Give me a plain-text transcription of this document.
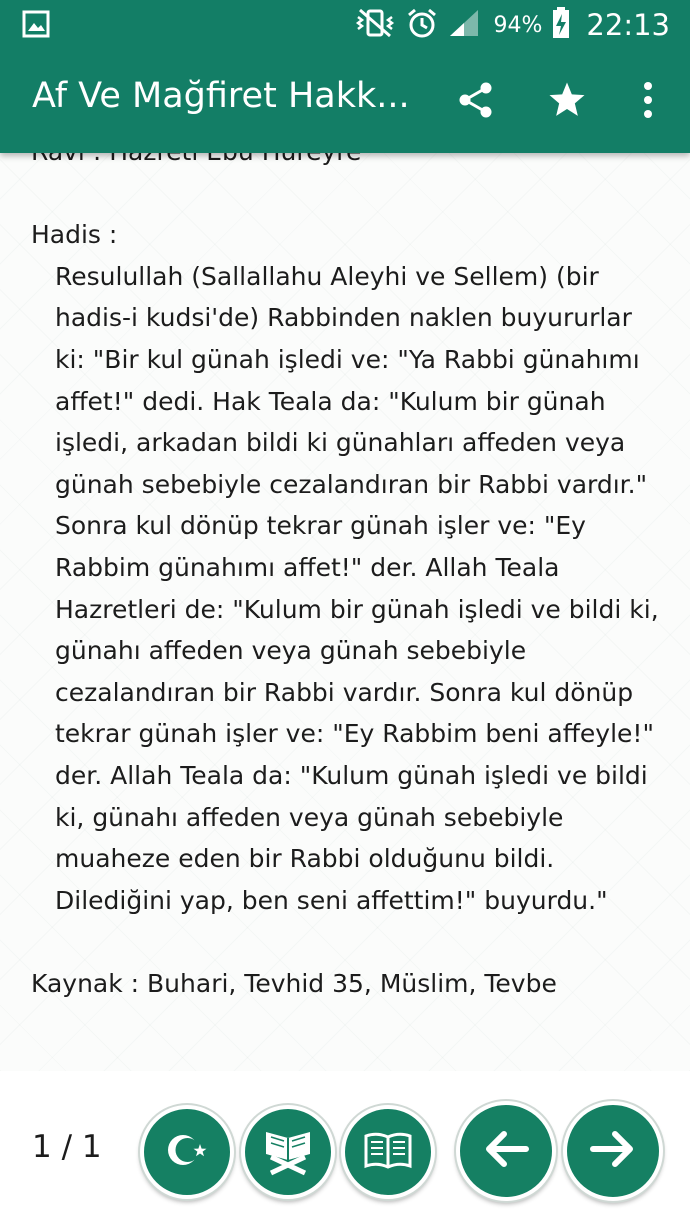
94% 22:13
Af Ve Mağfiret Hakk...

Hadis :

Resulullah (Sallallahu Aleyhi ve Sellem) (bir hadis-i kudsi'de) Rabbinden naklen buyururlar ki: "Bir kul günah işledi ve: "Ya Rabbi günahımı affet!" dedi. Hak Teala da: "Kulum bir günah işledi, arkadan bildi ki günahları affeden veya günah sebebiyle cezalandıran bir Rabbi vardır." Sonra kul dönüp tekrar günah işler ve: "Ey Rabbim günahımı affet!" der. Allah Teala Hazretleri de: "Kulum bir günah işledi ve bildi ki, günahı affeden veya günah sebebiyle cezalandıran bir Rabbi vardır. Sonra kul dönüp tekrar günah işler ve: "Ey Rabbim beni affeyle!" der. Allah Teala da: "Kulum günah işledi ve bildi ki, günahı affeden veya günah sebebiyle muaheze eden bir Rabbi olduğunu bildi. Dilediğini yap, ben seni affettim!" buyurdu."

Kaynak : Buhari, Tevhid 35, Müslim, Tevbe

1 / 1
